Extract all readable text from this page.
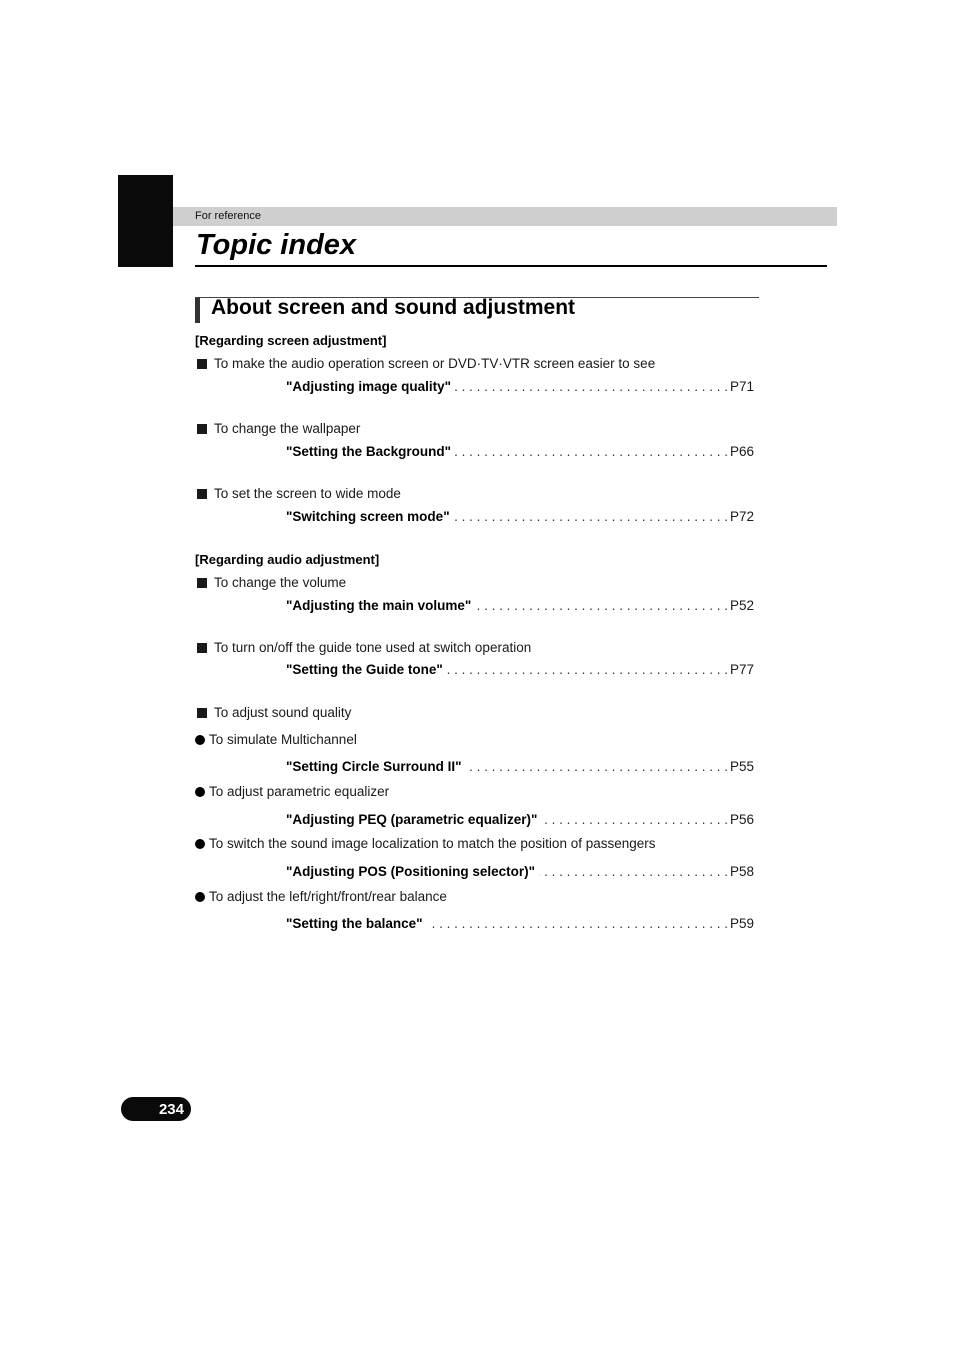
For reference
Topic index
About screen and sound adjustment
[Regarding screen adjustment]
To make the audio operation screen or DVD·TV·VTR screen easier to see
"Adjusting image quality" . . .	P71
To change the wallpaper
"Setting the Background" . . .	P66
To set the screen to wide mode
"Switching screen mode" . . .	P72
[Regarding audio adjustment]
To change the volume
"Adjusting the main volume" . . .	P52
To turn on/off the guide tone used at switch operation
"Setting the Guide tone" . . .	P77
To adjust sound quality
To simulate Multichannel
"Setting Circle Surround II" . . .	P55
To adjust parametric equalizer
"Adjusting PEQ (parametric equalizer)" . . .	P56
To switch the sound image localization to match the position of passengers
"Adjusting POS (Positioning selector)" . . .	P58
To adjust the left/right/front/rear balance
"Setting the balance" . . .	P59
234
